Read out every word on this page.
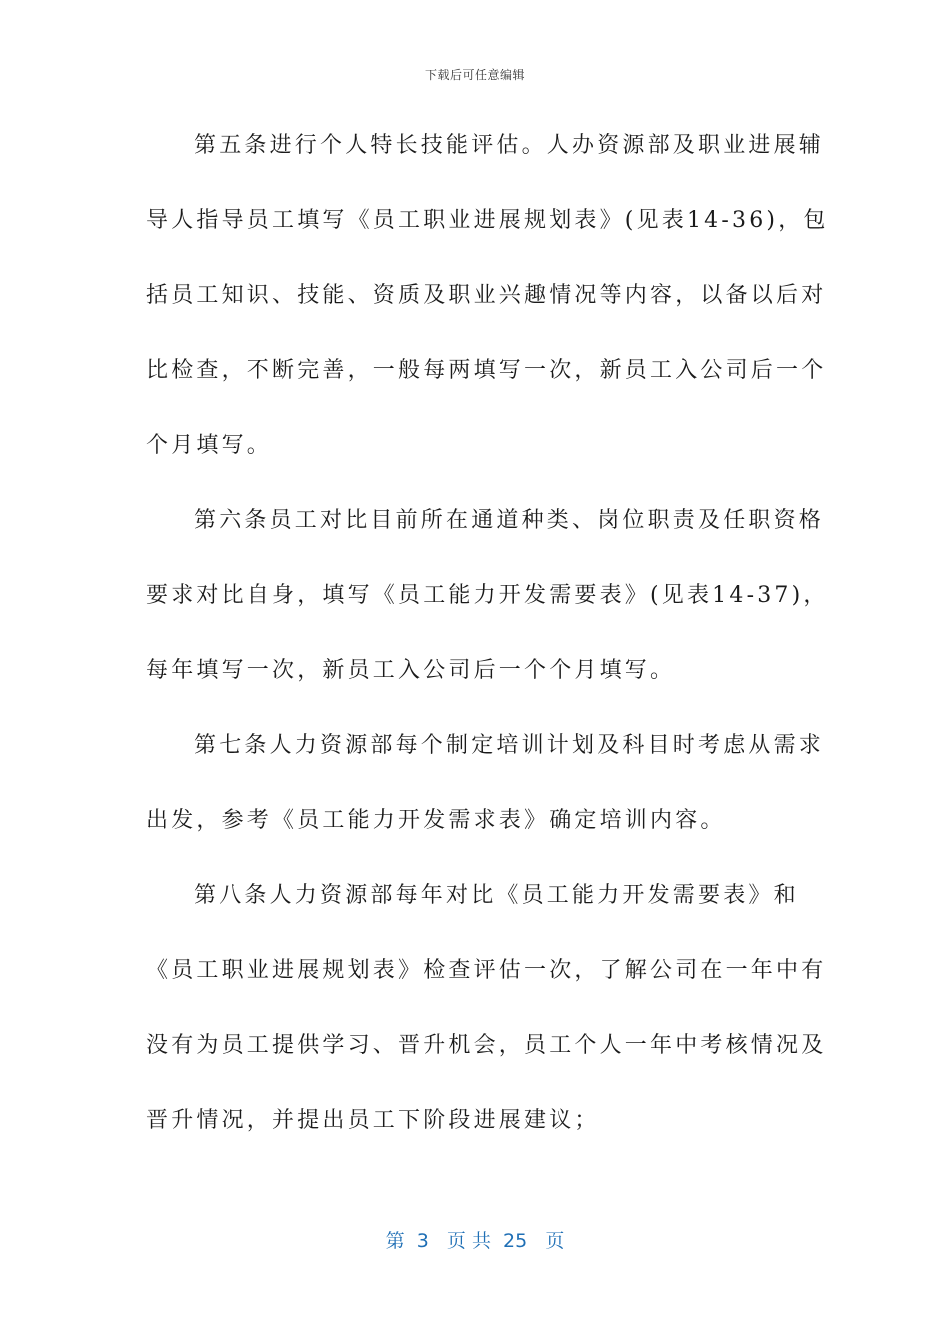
下载后可任意编辑
第五条进行个人特长技能评估。人办资源部及职业进展辅
导人指导员工填写《员工职业进展规划表》(见表14-36)，包
括员工知识、技能、资质及职业兴趣情况等内容，以备以后对
比检查，不断完善，一般每两填写一次，新员工入公司后一个
个月填写。
第六条员工对比目前所在通道种类、岗位职责及任职资格
要求对比自身，填写《员工能力开发需要表》(见表14-37)，
每年填写一次，新员工入公司后一个个月填写。
第七条人力资源部每个制定培训计划及科目时考虑从需求
出发，参考《员工能力开发需求表》确定培训内容。
第八条人力资源部每年对比《员工能力开发需要表》和
《员工职业进展规划表》检查评估一次，了解公司在一年中有
没有为员工提供学习、晋升机会，员工个人一年中考核情况及
晋升情况，并提出员工下阶段进展建议；
第  3   页 共  25   页
